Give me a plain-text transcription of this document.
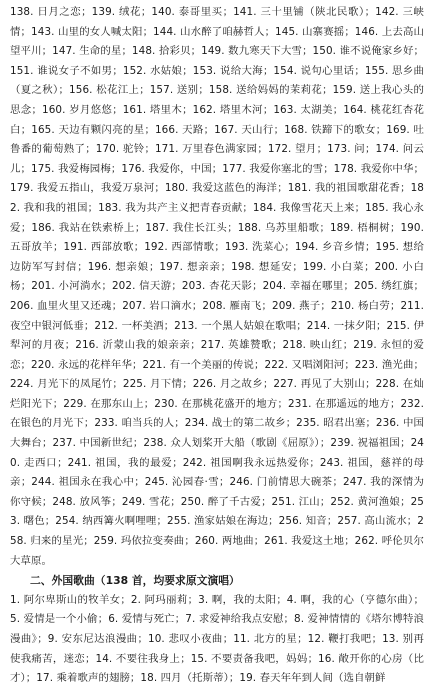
138. 日月之恋；139. 绒花；140. 泰哥里买；141. 三十里铺（陕北民歌）；142. 三峡情；143. 山里的女人喊太阳；144. 山水醉了咱赫哲人；145. 山寨赛摇；146. 上去高山望平川；147. 生命的星；148. 拾彩贝；149. 数九寒天下大雪；150. 谁不说俺家乡好；151. 谁说女子不如男；152. 水姑娘；153. 说给大海；154. 说句心里话；155. 思乡曲（夏之秋）；156. 松花江上；157. 送别；158. 送给妈妈的茉莉花；159. 送上我心头的思念；160. 岁月悠悠；161. 塔里木；162. 塔里木河；163. 太湖美；164. 桃花红杏花白；165. 天边有颗闪亮的星；166. 天路；167. 天山行；168. 铁蹄下的歌女；169. 吐鲁番的葡萄熟了；170. 驼铃；171. 万里春色满家园；172. 望月；173. 问；174. 问云儿；175. 我爱梅园梅；176. 我爱你，中国；177. 我爱你塞北的雪；178. 我爱你中华；179. 我爱五指山，我爱万泉河；180. 我爱这蓝色的海洋；181. 我的祖国歌甜花香；182. 我和我的祖国；183. 我为共产主义把青春贡献；184. 我像雪花天上来；185. 我心永爱；186. 我站在铁索桥上；187. 我住长江头；188. 乌苏里船歌；189. 梧桐树；190. 五哥放羊；191. 西部放歌；192. 西部情歌；193. 洗菜心；194. 乡音乡情；195. 想给边防军写封信；196. 想亲娘；197. 想亲亲；198. 想延安；199. 小白菜；200. 小白杨；201. 小河淌水；202. 信天游；203. 杏花天影；204. 幸福在哪里；205. 绣红旗；206. 血里火里又还魂；207. 岩口滴水；208. 雁南飞；209. 燕子；210. 杨白劳；211. 夜空中银河低垂；212. 一杯美酒；213. 一个黑人姑娘在歌唱；214. 一抹夕阳；215. 伊犁河的月夜；216. 沂蒙山我的娘亲亲；217. 英雄赞歌；218. 映山红；219. 永恒的爱恋；220. 永远的花样年华；221. 有一个美丽的传说；222. 又唱浏阳河；223. 渔光曲；224. 月光下的凤尾竹；225. 月下情；226. 月之故乡；227. 再见了大别山；228. 在灿烂阳光下；229. 在那东山上；230. 在那桃花盛开的地方；231. 在那遥远的地方；232. 在银色的月光下；233. 咱当兵的人；234. 战士的第二故乡；235. 昭君出塞；236. 中国大舞台；237. 中国新世纪；238. 众人划桨开大船（歌剧《屈原》）；239. 祝福祖国；240. 走西口；241. 祖国，我的最爱；242. 祖国啊我永远热爱你；243. 祖国，慈祥的母亲；244. 祖国永在我心中；245. 沁园春·雪；246. 门前情思大碗茶；247. 我的深情为你守候；248. 放风筝；249. 雪花；250. 醉了千古爱；251. 江山；252. 黄河渔娘；253. 曙色；254. 纳西篝火啊哩哩；255. 渔家姑娘在海边；256. 知音；257. 高山流水；258. 归来的星光；259. 玛依拉变奏曲；260. 两地曲；261. 我爱这土地；262. 呼伦贝尔大草原。

二、外国歌曲（138 首，均要求原文演唱）

1. 阿尔卑斯山的牧羊女；2. 阿玛丽莉；3. 啊，我的太阳；4. 啊，我的心（亨德尔曲）；5. 爱情是一个小偷；6. 爱情与死亡；7. 求爱神给我点安慰；8. 爱神情情的《塔尔博特浪漫曲》；9. 安东尼达浪漫曲；10. 悲叹小夜曲；11. 北方的星；12. 鞭打我吧；13. 别再使我痛苦，迷恋；14. 不要往我身上；15. 不要责备我吧，妈妈；16. 敞开你的心房（比才）；17. 乘着歌声的翅膀；18. 四月（托斯蒂）；19. 春天年年到人间（选自朝鲜
